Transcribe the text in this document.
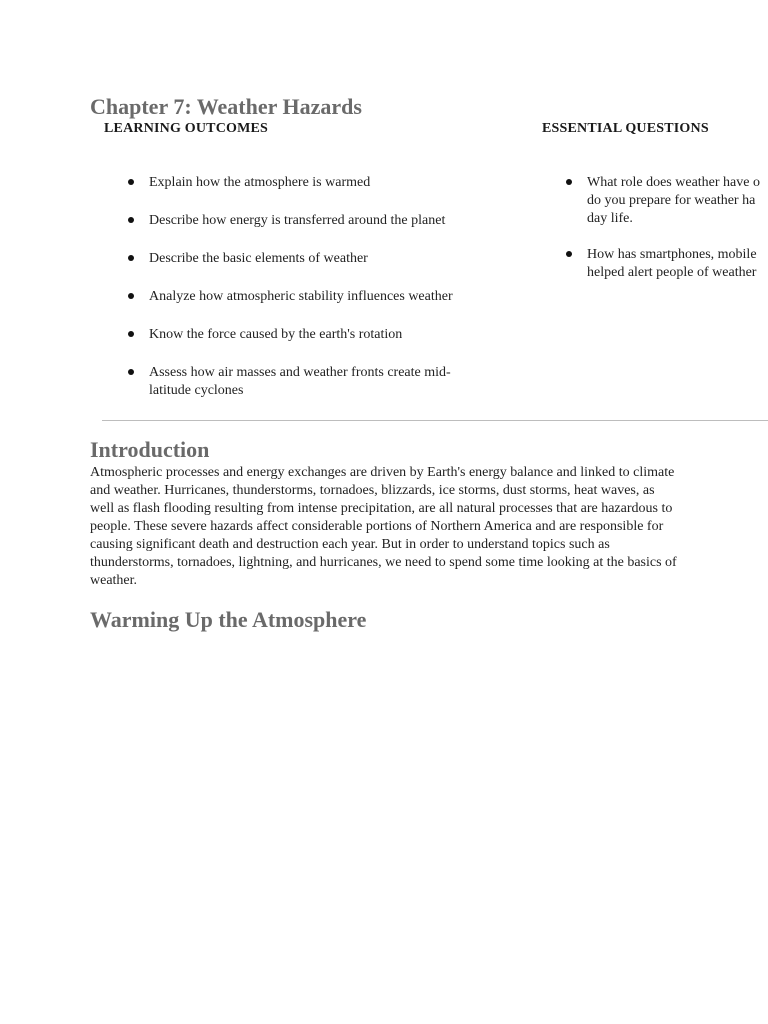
Chapter 7: Weather Hazards
LEARNING OUTCOMES	ESSENTIAL QUESTIONS
Explain how the atmosphere is warmed
Describe how energy is transferred around the planet
Describe the basic elements of weather
Analyze how atmospheric stability influences weather
Know the force caused by the earth's rotation
Assess how air masses and weather fronts create mid-latitude cyclones
What role does weather have o
do you prepare for weather ha
day life.
How has smartphones, mobile
helped alert people of weather
Introduction

Atmospheric processes and energy exchanges are driven by Earth's energy balance and linked to climate and weather. Hurricanes, thunderstorms, tornadoes, blizzards, ice storms, dust storms, heat waves, as well as flash flooding resulting from intense precipitation, are all natural processes that are hazardous to people. These severe hazards affect considerable portions of Northern America and are responsible for causing significant death and destruction each year. But in order to understand topics such as thunderstorms, tornadoes, lightning, and hurricanes, we need to spend some time looking at the basics of weather.

Warming Up the Atmosphere
